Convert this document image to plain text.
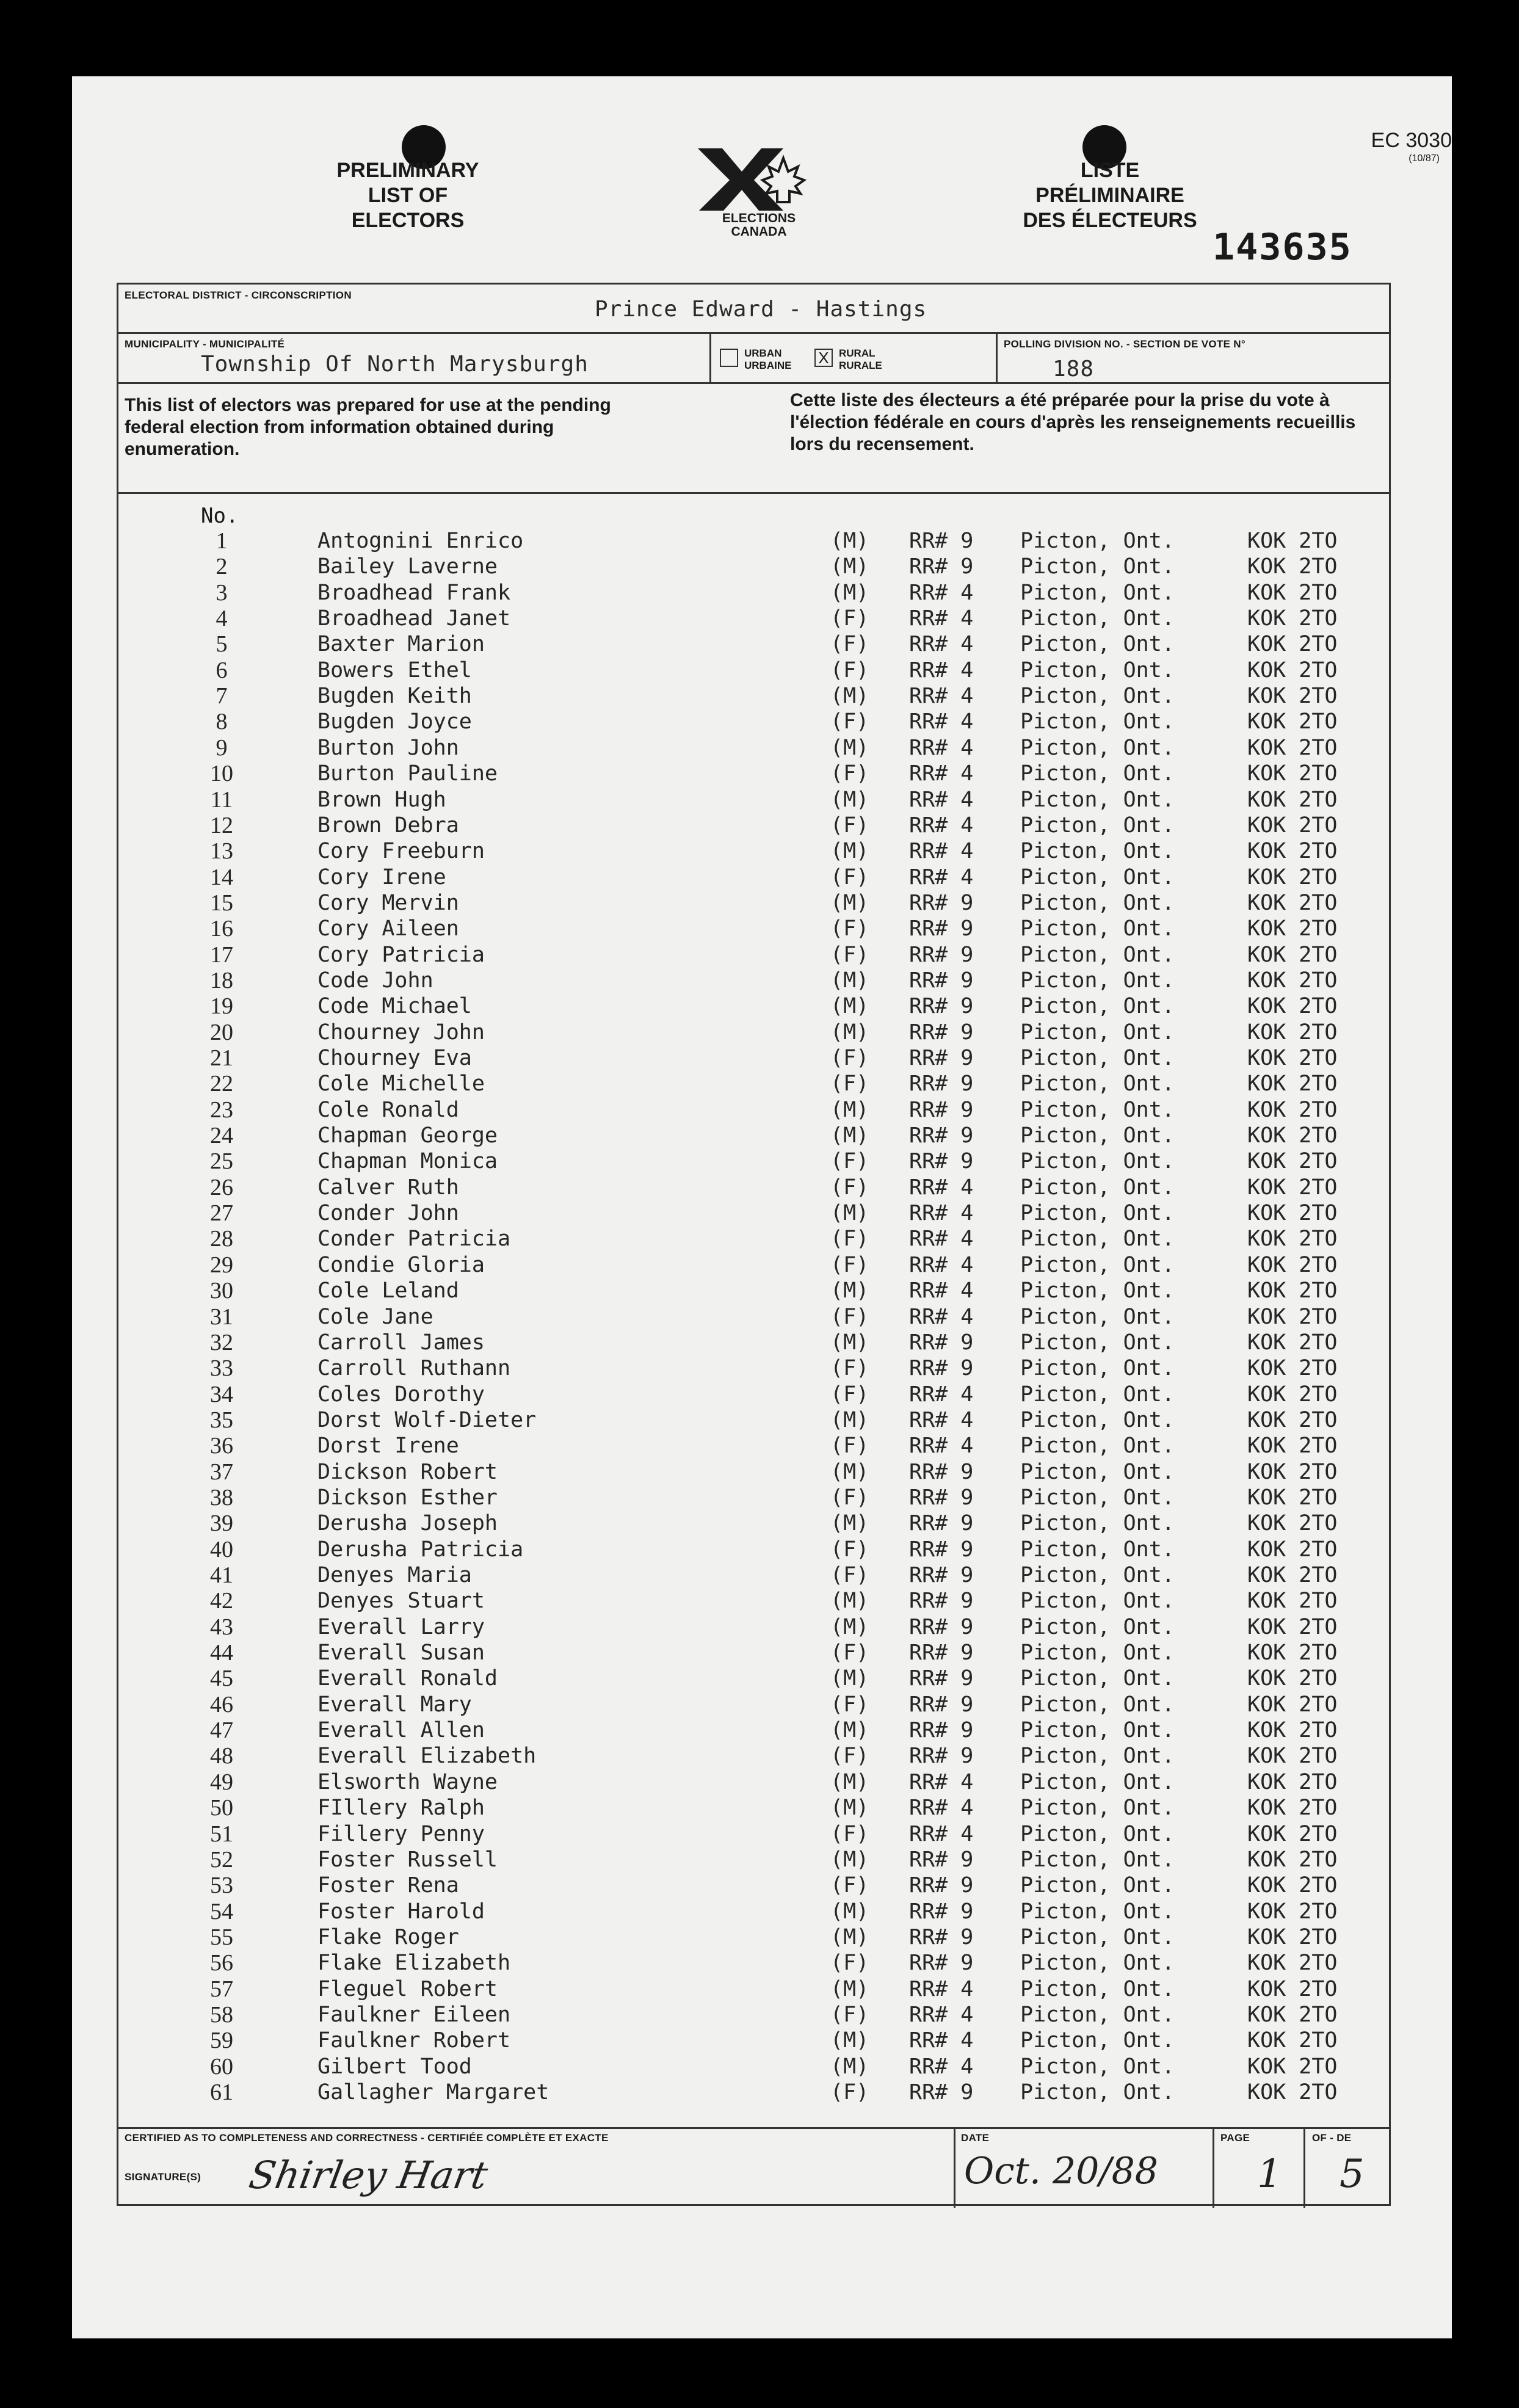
PRELIMINARY
LIST OF
ELECTORS	ELECTIONS
CANADA
LISTE
PRÉLIMINAIRE
DES ÉLECTEURS
EC 3030
(10/87)
143635
ELECTORAL DISTRICT - CIRCONSCRIPTION
Prince Edward - Hastings
MUNICIPALITY - MUNICIPALITÉ
Township Of North Marysburgh	URBAN
URBAINE X RURAL
RURALE
POLLING DIVISION NO. - SECTION DE VOTE N°
188
This list of electors was prepared for use at the pending federal election from information obtained during enumeration.
Cette liste des électeurs a été préparée pour la prise du vote à l'élection fédérale en cours d'après les renseignements recueillis lors du recensement.
CERTIFIED AS TO COMPLETENESS AND CORRECTNESS - CERTIFIÉE COMPLÈTE ET EXACTE
SIGNATURE(S) Shirley Hart
DATE
Oct. 20/88
PAGE
1
OF - DE
5
No.
1	Antognini Enrico	(M) RR# 9 Picton, Ont.	KOK 2TO
2	Bailey Laverne	(M) RR# 9 Picton, Ont.	KOK 2TO
3	Broadhead Frank	(M) RR# 4 Picton, Ont.	KOK 2TO
4	Broadhead Janet	(F) RR# 4 Picton, Ont.	KOK 2TO
5	Baxter Marion	(F) RR# 4 Picton, Ont.	KOK 2TO
6	Bowers Ethel	(F) RR# 4 Picton, Ont.	KOK 2TO
7	Bugden Keith	(M) RR# 4 Picton, Ont.	KOK 2TO
8	Bugden Joyce	(F) RR# 4 Picton, Ont.	KOK 2TO
9	Burton John	(M) RR# 4 Picton, Ont.	KOK 2TO
10	Burton Pauline	(F) RR# 4 Picton, Ont.	KOK 2TO
11	Brown Hugh	(M) RR# 4 Picton, Ont.	KOK 2TO
12	Brown Debra	(F) RR# 4 Picton, Ont.	KOK 2TO
13	Cory Freeburn	(M) RR# 4 Picton, Ont.	KOK 2TO
14	Cory Irene	(F) RR# 4 Picton, Ont.	KOK 2TO
15	Cory Mervin	(M) RR# 9 Picton, Ont.	KOK 2TO
16	Cory Aileen	(F) RR# 9 Picton, Ont.	KOK 2TO
17	Cory Patricia	(F) RR# 9 Picton, Ont.	KOK 2TO
18	Code John	(M) RR# 9 Picton, Ont.	KOK 2TO
19	Code Michael	(M) RR# 9 Picton, Ont.	KOK 2TO
20	Chourney John	(M) RR# 9 Picton, Ont.	KOK 2TO
21	Chourney Eva	(F) RR# 9 Picton, Ont.	KOK 2TO
22	Cole Michelle	(F) RR# 9 Picton, Ont.	KOK 2TO
23	Cole Ronald	(M) RR# 9 Picton, Ont.	KOK 2TO
24	Chapman George	(M) RR# 9 Picton, Ont.	KOK 2TO
25	Chapman Monica	(F) RR# 9 Picton, Ont.	KOK 2TO
26	Calver Ruth	(F) RR# 4 Picton, Ont.	KOK 2TO
27	Conder John	(M) RR# 4 Picton, Ont.	KOK 2TO
28	Conder Patricia	(F) RR# 4 Picton, Ont.	KOK 2TO
29	Condie Gloria	(F) RR# 4 Picton, Ont.	KOK 2TO
30	Cole Leland	(M) RR# 4 Picton, Ont.	KOK 2TO
31	Cole Jane	(F) RR# 4 Picton, Ont.	KOK 2TO
32	Carroll James	(M) RR# 9 Picton, Ont.	KOK 2TO
33	Carroll Ruthann	(F) RR# 9 Picton, Ont.	KOK 2TO
34	Coles Dorothy	(F) RR# 4 Picton, Ont.	KOK 2TO
35	Dorst Wolf-Dieter	(M) RR# 4 Picton, Ont.	KOK 2TO
36	Dorst Irene	(F) RR# 4 Picton, Ont.	KOK 2TO
37	Dickson Robert	(M) RR# 9 Picton, Ont.	KOK 2TO
38	Dickson Esther	(F) RR# 9 Picton, Ont.	KOK 2TO
39	Derusha Joseph	(M) RR# 9 Picton, Ont.	KOK 2TO
40	Derusha Patricia	(F) RR# 9 Picton, Ont.	KOK 2TO
41	Denyes Maria	(F) RR# 9 Picton, Ont.	KOK 2TO
42	Denyes Stuart	(M) RR# 9 Picton, Ont.	KOK 2TO
43	Everall Larry	(M) RR# 9 Picton, Ont.	KOK 2TO
44	Everall Susan	(F) RR# 9 Picton, Ont.	KOK 2TO
45	Everall Ronald	(M) RR# 9 Picton, Ont.	KOK 2TO
46	Everall Mary	(F) RR# 9 Picton, Ont.	KOK 2TO
47	Everall Allen	(M) RR# 9 Picton, Ont.	KOK 2TO
48	Everall Elizabeth	(F) RR# 9 Picton, Ont.	KOK 2TO
49	Elsworth Wayne	(M) RR# 4 Picton, Ont.	KOK 2TO
50	FIllery Ralph	(M) RR# 4 Picton, Ont.	KOK 2TO
51	Fillery Penny	(F) RR# 4 Picton, Ont.	KOK 2TO
52	Foster Russell	(M) RR# 9 Picton, Ont.	KOK 2TO
53	Foster Rena	(F) RR# 9 Picton, Ont.	KOK 2TO
54	Foster Harold	(M) RR# 9 Picton, Ont.	KOK 2TO
55	Flake Roger	(M) RR# 9 Picton, Ont.	KOK 2TO
56	Flake Elizabeth	(F) RR# 9 Picton, Ont.	KOK 2TO
57	Fleguel Robert	(M) RR# 4 Picton, Ont.	KOK 2TO
58	Faulkner Eileen	(F) RR# 4 Picton, Ont.	KOK 2TO
59	Faulkner Robert	(M) RR# 4 Picton, Ont.	KOK 2TO
60	Gilbert Tood	(M) RR# 4 Picton, Ont.	KOK 2TO
61	Gallagher Margaret	(F) RR# 9 Picton, Ont.	KOK 2TO
